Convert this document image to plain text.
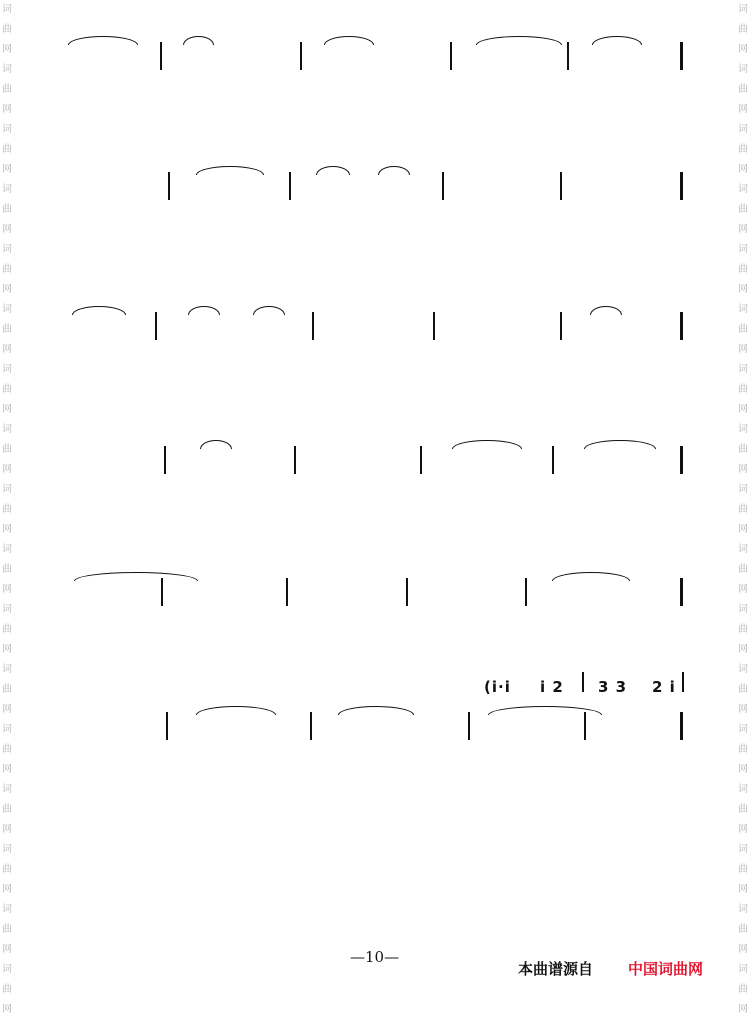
词
曲
网
词
曲
网
词
曲
网
词
曲
网
词
曲
网
词
曲
网
词
曲
网
词
曲
网
词
曲
网
词
曲
网
词
曲
网
词
曲
网
词
曲
网
词
曲
网
词
曲
网
词
曲
网
词
曲
网

词
曲
网
词
曲
网
词
曲
网
词
曲
网
词
曲
网
词
曲
网
词
曲
网
词
曲
网
词
曲
网
词
曲
网
词
曲
网
词
曲
网
词
曲
网
词
曲
网
词
曲
网
词
曲
网
词
曲
网

(i·i i 2 3 3 2 i
—10—
本曲谱源自 中国词曲网
